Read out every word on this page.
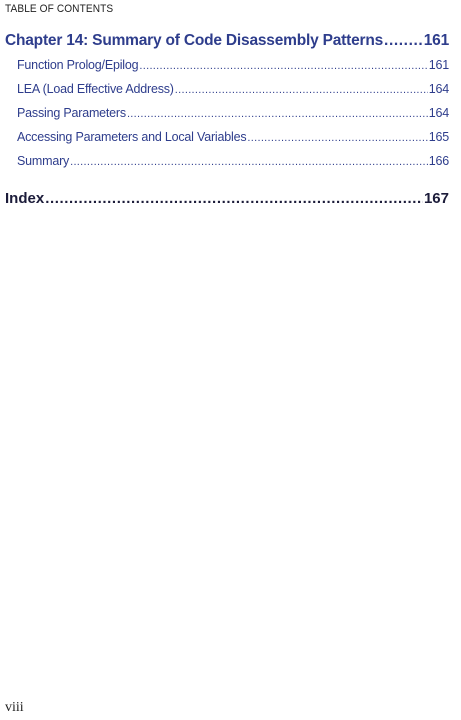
TABLE OF CONTENTS
Chapter 14: Summary of Code Disassembly Patterns .....	161
Function Prolog/Epilog .....	161
LEA (Load Effective Address) .....	164
Passing Parameters .....	164
Accessing Parameters and Local Variables .....	165
Summary .....	166
Index .....	167
viii
